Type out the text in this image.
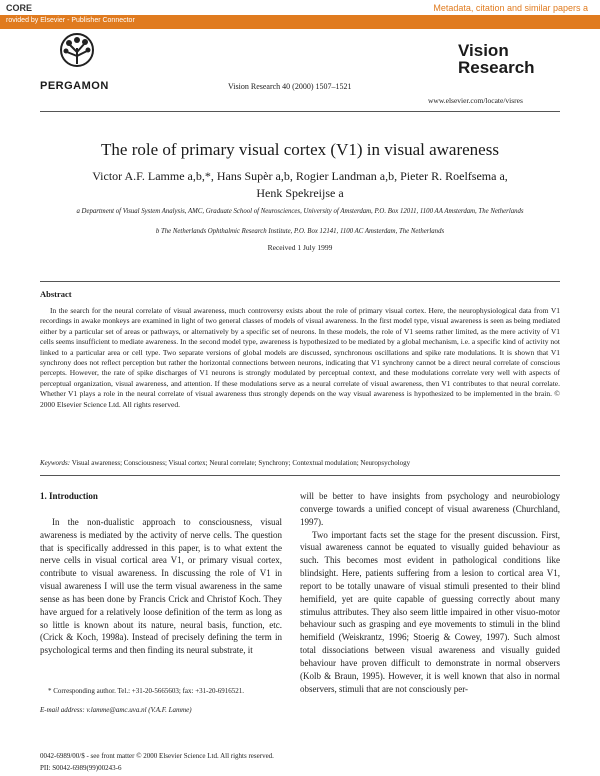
CORE	Metadata, citation and similar papers a
rovided by Elsevier - Publisher Connector
PERGAMON	Vision Research 40 (2000) 1507–1521
Vision
Research
www.elsevier.com/locate/visres
The role of primary visual cortex (V1) in visual awareness
Victor A.F. Lamme a,b,*, Hans Supèr a,b, Rogier Landman a,b, Pieter R. Roelfsema a,
Henk Spekreijse a
a Department of Visual System Analysis, AMC, Graduate School of Neurosciences, University of Amsterdam, P.O. Box 12011, 1100 AA Amsterdam, The Netherlands
b The Netherlands Ophthalmic Research Institute, P.O. Box 12141, 1100 AC Amsterdam, The Netherlands
Received 1 July 1999
Abstract
In the search for the neural correlate of visual awareness, much controversy exists about the role of primary visual cortex. Here, the neurophysiological data from V1 recordings in awake monkeys are examined in light of two general classes of models of visual awareness. In the first model type, visual awareness is seen as being mediated either by a particular set of areas or pathways, or alternatively by a specific set of neurons. In these models, the role of V1 seems rather limited, as the mere activity of V1 cells seems insufficient to mediate awareness. In the second model type, awareness is hypothesized to be mediated by a global mechanism, i.e. a specific kind of activity not linked to a particular area or cell type. Two separate versions of global models are discussed, synchronous oscillations and spike rate modulations. It is shown that V1 synchrony does not reflect perception but rather the horizontal connections between neurons, indicating that V1 synchrony cannot be a direct neural correlate of conscious percepts. However, the rate of spike discharges of V1 neurons is strongly modulated by perceptual context, and these modulations correlate very well with aspects of perceptual organization, visual awareness, and attention. If these modulations serve as a neural correlate of visual awareness, then V1 contributes to that neural correlate. Whether V1 plays a role in the neural correlate of visual awareness thus strongly depends on the way visual awareness is hypothesized to be implemented in the brain. © 2000 Elsevier Science Ltd. All rights reserved.
Keywords: Visual awareness; Consciousness; Visual cortex; Neural correlate; Synchrony; Contextual modulation; Neuropsychology
1. Introduction

In the non-dualistic approach to consciousness, visual awareness is mediated by the activity of nerve cells. The question that is specifically addressed in this paper, is to what extent the nerve cells in visual cortical area V1, or primary visual cortex, contribute to visual awareness. In discussing the role of V1 in visual awareness I will use the term visual awareness in the same sense as has been done by Francis Crick and Christof Koch. They have argued for a relatively loose definition of the term as long as so little is known about its nature, neural basis, function, etc. (Crick & Koch, 1998a). Instead of precisely defining the term in psychological terms and then finding its neural substrate, it

will be better to have insights from psychology and neurobiology converge towards a unified concept of visual awareness (Churchland, 1997).

Two important facts set the stage for the present discussion. First, visual awareness cannot be equated to visually guided behaviour as such. This becomes most evident in pathological conditions like blindsight. Here, patients suffering from a lesion to cortical area V1, report to be totally unaware of visual stimuli presented to their blind hemifield, yet are quite capable of guessing correctly about many stimulus attributes. They also seem little impaired in other visuo-motor behaviour such as grasping and eye movements to stimuli in the blind hemifield (Weiskrantz, 1996; Stoerig & Cowey, 1997). Such almost total dissociations between visual awareness and visually guided behaviour have proven difficult to demonstrate in normal observers (Kolb & Braun, 1995). However, it is well known that also in normal observers, stimuli that are not consciously per-

* Corresponding author. Tel.: +31-20-5665603; fax: +31-20-6916521.
E-mail address: v.lamme@amc.uva.nl (V.A.F. Lamme)
0042-6989/00/$ - see front matter © 2000 Elsevier Science Ltd. All rights reserved.
PII: S0042-6989(99)00243-6
